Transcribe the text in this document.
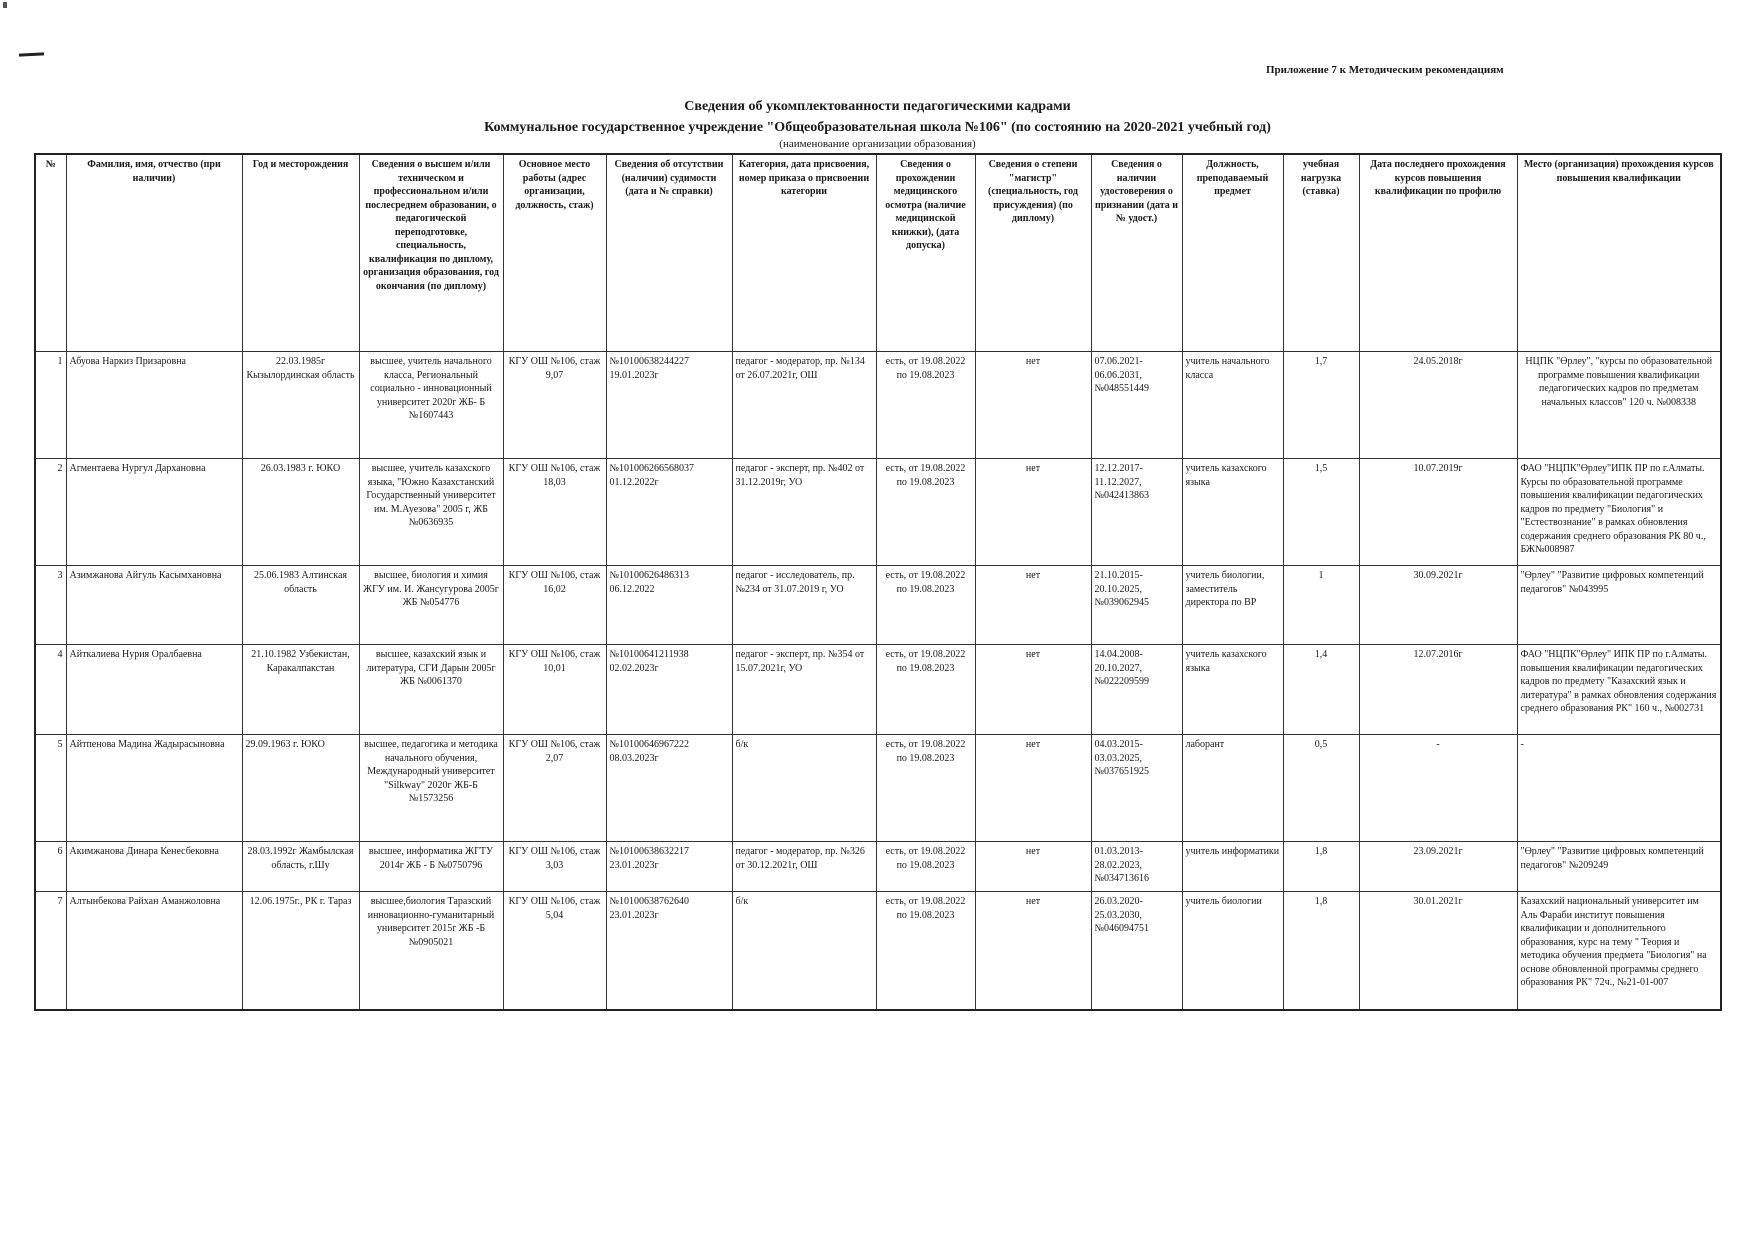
Приложение 7 к Методическим рекомендациям
Сведения об укомплектованности педагогическими кадрами
Коммунальное государственное учреждение "Общеобразовательная школа №106" (по состоянию на 2020-2021 учебный год)
(наименование организации образования)
№	Фамилия, имя, отчество (при наличии)	Год и месторождения	Сведения о высшем и/или техническом и профессиональном и/или послесреднем образовании, о педагогической переподготовке, специальность, квалификация по диплому, организация образования, год окончания (по диплому)	Основное место работы (адрес организации, должность, стаж)	Сведения об отсутствии (наличии) судимости (дата и № справки)	Категория, дата присвоения, номер приказа о присвоении категории	Сведения о прохождении медицинского осмотра (наличие медицинской книжки), (дата допуска)	Сведения о степени "магистр" (специальность, год присуждения) (по диплому)	Сведения о наличии удостоверения о признании (дата и № удост.)	Должность, преподаваемый предмет	учебная нагрузка (ставка)	Дата последнего прохождения курсов повышения квалификации по профилю	Место (организация) прохождения курсов повышения квалификации
1	Абуова Наркиз Призаровна	22.03.1985г Кызылординская область	высшее, учитель начального класса, Региональный социально - инновационный университет 2020г ЖБ- Б №1607443	КГУ ОШ №106, стаж 9,07	№10100638244227 19.01.2023г	педагог - модератор, пр. №134 от 26.07.2021г, ОШ	есть, от 19.08.2022 по 19.08.2023	нет	07.06.2021-06.06.2031, №048551449	учитель начального класса	1,7	24.05.2018г	НЦПК "Өрлеу", "курсы по образовательной программе повышения квалификации педагогических кадров по предметам начальных классов" 120 ч. №008338
2	Агментаева Нургул Дархановна	26.03.1983 г. ЮКО	высшее, учитель казахского языка, "Южно Казахстанский Государственный университет им. М.Ауезова" 2005 г, ЖБ №0636935	КГУ ОШ №106, стаж 18,03	№101006266568037 01.12.2022г	педагог - эксперт, пр. №402 от 31.12.2019г, УО	есть, от 19.08.2022 по 19.08.2023	нет	12.12.2017-11.12.2027, №042413863	учитель казахского языка	1,5	10.07.2019г	ФАО "НЦПК"Өрлеу"ИПК ПР по г.Алматы. Курсы по образовательной программе повышения квалификации педагогических кадров по предмету "Биология" и "Естествознание" в рамках обновления содержания среднего образования РК 80 ч., БЖ№008987
3	Азимжанова Айгуль Касымхановна	25.06.1983 Алтинская область	высшее, биология и химия ЖГУ им. И. Жансугурова 2005г ЖБ №054776	КГУ ОШ №106, стаж 16,02	№10100626486313 06.12.2022	педагог - исследователь, пр.№234 от 31.07.2019 г, УО	есть, от 19.08.2022 по 19.08.2023	нет	21.10.2015-20.10.2025, №039062945	учитель биологии, заместитель директора по ВР	1	30.09.2021г	"Өрлеу" "Развитие цифровых компетенций педагогов" №043995
4	Айткалиева Нурия Оралбаевна	21.10.1982 Узбекистан, Каракалпакстан	высшее, казахский язык и литература, СГИ Дарын 2005г ЖБ №0061370	КГУ ОШ №106, стаж 10,01	№10100641211938 02.02.2023г	педагог - эксперт, пр. №354 от 15.07.2021г, УО	есть, от 19.08.2022 по 19.08.2023	нет	14.04.2008-20.10.2027, №022209599	учитель казахского языка	1,4	12.07.2016г	ФАО "НЦПК"Өрлеу" ИПК ПР по г.Алматы. повышения квалификации педагогических кадров по предмету "Казахский язык и литература" в рамках обновления содержания среднего образования РК" 160 ч., №002731
5	Айтпенова Мадина Жадырасыновна	29.09.1963 г. ЮКО	высшее, педагогика и методика начального обучения, Международный университет "Silkway" 2020г ЖБ-Б №1573256	КГУ ОШ №106, стаж 2,07	№10100646967222 08.03.2023г	б/к	есть, от 19.08.2022 по 19.08.2023	нет	04.03.2015-03.03.2025, №037651925	лаборант	0,5	-	-
6	Акимжанова Динара Кенесбековна	28.03.1992г Жамбылская область, г.Шу	высшее, информатика ЖГТУ 2014г ЖБ - Б №0750796	КГУ ОШ №106, стаж 3,03	№10100638632217 23.01.2023г	педагог - модератор, пр. №326 от 30.12.2021г, ОШ	есть, от 19.08.2022 по 19.08.2023	нет	01.03.2013-28.02.2023, №034713616	учитель информатики	1,8	23.09.2021г	"Өрлеу" "Развитие цифровых компетенций педагогов" №209249
7	Алтынбекова Райхан Аманжоловна	12.06.1975г., РК г. Тараз	высшее,биология Таразский инновационно-гуманитарный университет 2015г ЖБ -Б №0905021	КГУ ОШ №106, стаж 5,04	№10100638762640 23.01.2023г	б/к	есть, от 19.08.2022 по 19.08.2023	нет	26.03.2020-25.03.2030, №046094751	учитель биологии	1,8	30.01.2021г	Казахский национальный университет им Аль Фараби институт повышения квалификации и дополнительного образования, курс на тему " Теория и методика обучения предмета "Биология" на основе обновленной программы среднего образования РК" 72ч., №21-01-007
